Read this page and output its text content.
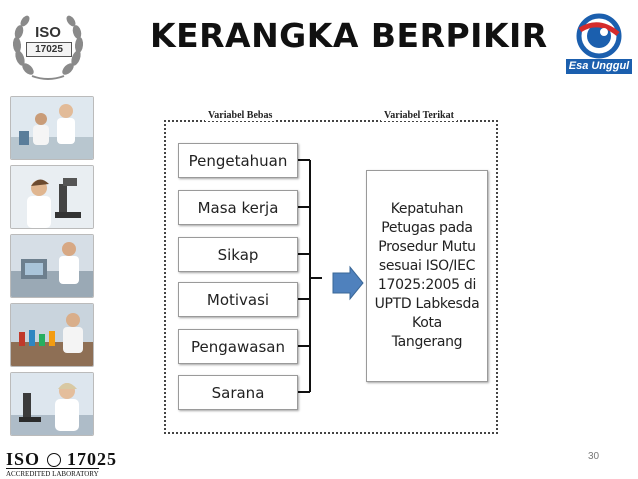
ISO
17025	KERANGKA BERPIKIR
Esa Unggul
Variabel Bebas	Variabel Terikat
Pengetahuan
Masa kerja
Sikap
Motivasi
Pengawasan
Sarana
Kepatuhan
Petugas pada
Prosedur Mutu
sesuai ISO/IEC
17025:2005 di
UPTD Labkesda
Kota
Tangerang
ISO 17025
ACCREDITED LABORATORY
30
